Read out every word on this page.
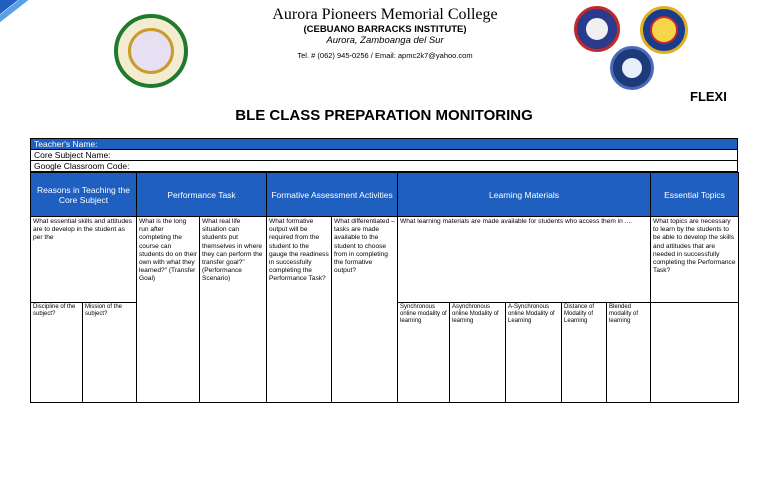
Aurora Pioneers Memorial College
(CEBUANO BARRACKS INSTITUTE)
Aurora, Zamboanga del Sur
Tel. # (062) 945-0256 / Email: apmc2k7@yahoo.com
FLEXI
BLE CLASS PREPARATION MONITORING
Teacher's Name:
Core Subject Name:
Google Classroom Code:
Reasons in Teaching the Core Subject		Performance Task		Formative Assessment Activities		Learning Materials					Essential Topics
What essential skills and attitudes are to develop in the student as per the		What is the long run after completing the course can students do on their own with what they learned?" (Transfer Goal)	What real life situation can students put themselves in where they can perform the transfer goal?" (Performance Scenario)	What formative output will be required from the student to the gauge the readiness in successfully completing the Performance Task?	What differentiated – tasks are made available to the student to choose from in completing the formative output?	What learning materials are made available for students who access them in ....					What topics are necessary to learn by the students to be able to develop the skills and attitudes that are needed in successfully completing the Performance Task?
Discipline of the subject?	Mission of the subject?					Synchronous online modality of learning	Asynchronous online Modality of learning	A-Synchronous online Modality of Learning	Distance of Modality of Learning	Blended modality of learning	
